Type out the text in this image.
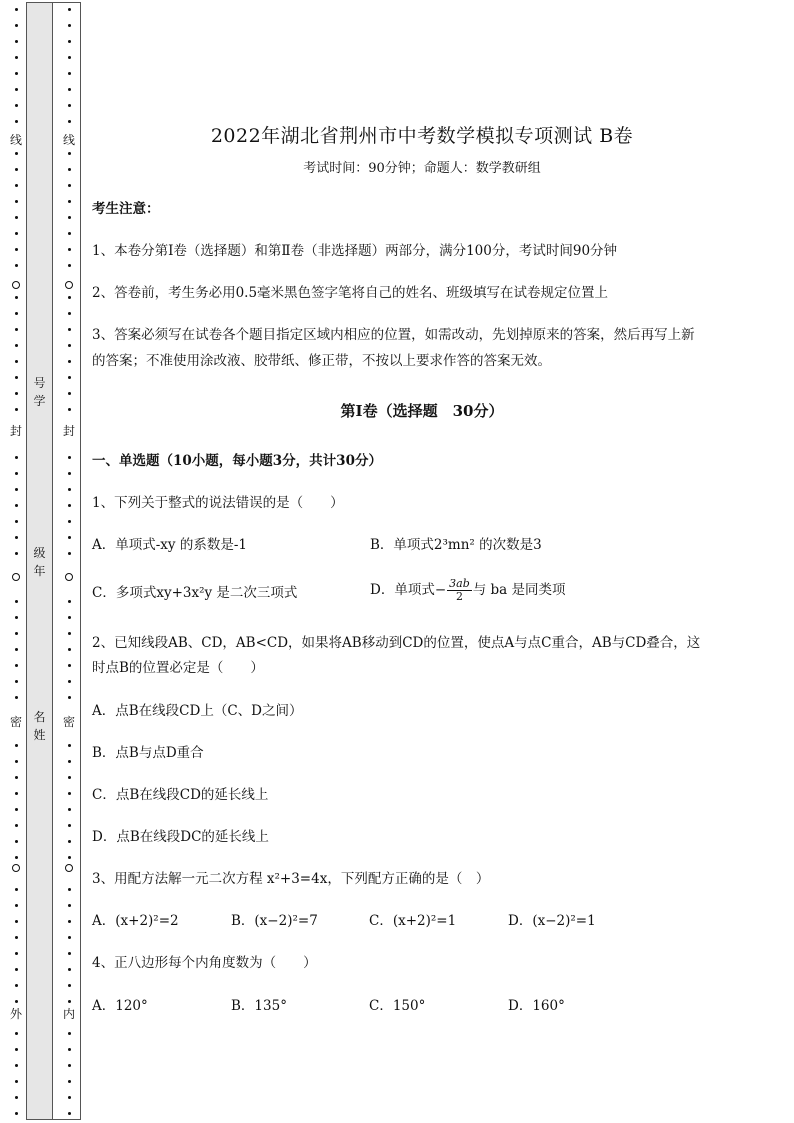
线
封
密
外
线
封
密
内
号
学
级
年
名
姓
2022年湖北省荆州市中考数学模拟专项测试 B卷
考试时间：90分钟；命题人：数学教研组
考生注意：
1、本卷分第Ⅰ卷（选择题）和第Ⅱ卷（非选择题）两部分，满分100分，考试时间90分钟
2、答卷前，考生务必用0.5毫米黑色签字笔将自己的姓名、班级填写在试卷规定位置上
3、答案必须写在试卷各个题目指定区域内相应的位置，如需改动，先划掉原来的答案，然后再写上新
的答案；不准使用涂改液、胶带纸、修正带，不按以上要求作答的答案无效。
第Ⅰ卷（选择题　30分）
一、单选题（10小题，每小题3分，共计30分）
1、下列关于整式的说法错误的是（　　）
A．单项式-xy 的系数是-1	B．单项式2³mn² 的次数是3
C．多项式xy+3x²y 是二次三项式	D．单项式− $\frac{3ab}{2}$ 与 ba 是同类项
2、已知线段AB、CD，AB<CD，如果将AB移动到CD的位置，使点A与点C重合，AB与CD叠合，这
时点B的位置必定是（　　）
A．点B在线段CD上（C、D之间）
B．点B与点D重合
C．点B在线段CD的延长线上
D．点B在线段DC的延长线上
3、用配方法解一元二次方程 x²+3=4x，下列配方正确的是（　）
A．(x+2)²=2	B．(x−2)²=7	C．(x+2)²=1	D．(x−2)²=1
4、正八边形每个内角度数为（　　）
A．120°	B．135°	C．150°	D．160°
